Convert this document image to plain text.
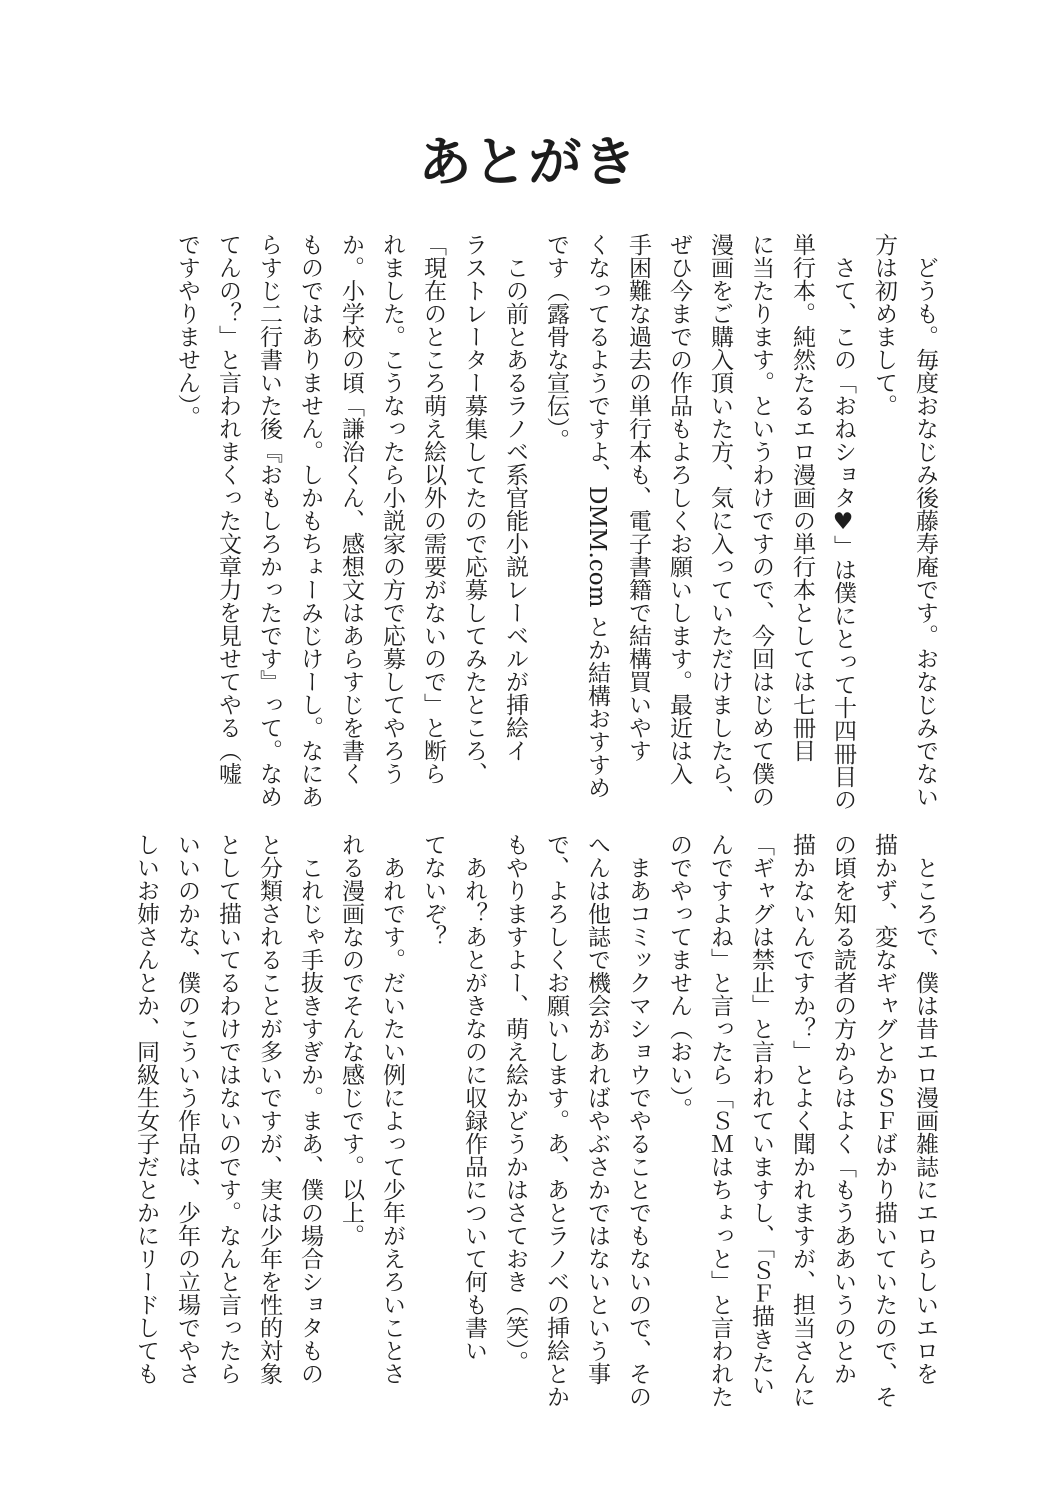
あとがき
どうも。毎度おなじみ後藤寿庵です。おなじみでない
方は初めまして。
さて、この「おねショタ♥」は僕にとって十四冊目の
単行本。純然たるエロ漫画の単行本としては七冊目
に当たります。というわけですので、今回はじめて僕の
漫画をご購入頂いた方、気に入っていただけましたら、
ぜひ今までの作品もよろしくお願いします。最近は入
手困難な過去の単行本も、電子書籍で結構買いやす
くなってるようですよ、DMM.com とか結構おすすめ
です（露骨な宣伝）。
この前とあるラノベ系官能小説レーベルが挿絵イ
ラストレーター募集してたので応募してみたところ、
「現在のところ萌え絵以外の需要がないので」と断ら
れました。こうなったら小説家の方で応募してやろう
か。小学校の頃「謙治くん、感想文はあらすじを書く
ものではありません。しかもちょーみじけーし。なにあ
らすじ二行書いた後『おもしろかったです』って。なめ
てんの？」と言われまくった文章力を見せてやる（嘘
ですやりません）。
ところで、僕は昔エロ漫画雑誌にエロらしいエロを
描かず、変なギャグとかＳＦばかり描いていたので、そ
の頃を知る読者の方からはよく「もうああいうのとか
描かないんですか？」とよく聞かれますが、担当さんに
「ギャグは禁止」と言われていますし、「ＳＦ描きたい
んですよね」と言ったら「ＳＭはちょっと」と言われた
のでやってません（おい）。
まあコミックマショウでやることでもないので、その
へんは他誌で機会があればやぶさかではないという事
で、よろしくお願いします。あ、あとラノベの挿絵とか
もやりますよー、萌え絵かどうかはさておき（笑）。
あれ？あとがきなのに収録作品について何も書い
てないぞ？
あれです。だいたい例によって少年がえろいことさ
れる漫画なのでそんな感じです。以上。
これじゃ手抜きすぎか。まあ、僕の場合ショタもの
と分類されることが多いですが、実は少年を性的対象
として描いてるわけではないのです。なんと言ったら
いいのかな、僕のこういう作品は、少年の立場でやさ
しいお姉さんとか、同級生女子だとかにリードしても
